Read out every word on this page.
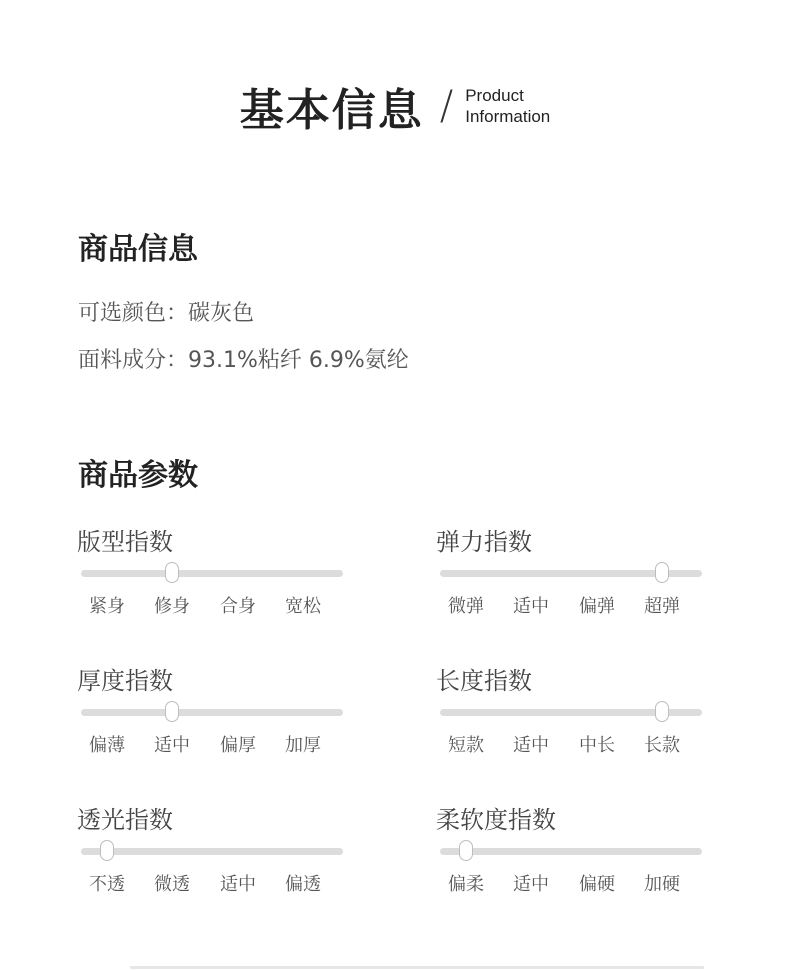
基本信息 / Product
Information
商品信息
可选颜色：碳灰色
面料成分：93.1%粘纤 6.9%氨纶
商品参数
版型指数
紧身	修身	合身	宽松
弹力指数
微弹	适中	偏弹	超弹
厚度指数
偏薄	适中	偏厚	加厚
长度指数
短款	适中	中长	长款
透光指数
不透	微透	适中	偏透
柔软度指数
偏柔	适中	偏硬	加硬
